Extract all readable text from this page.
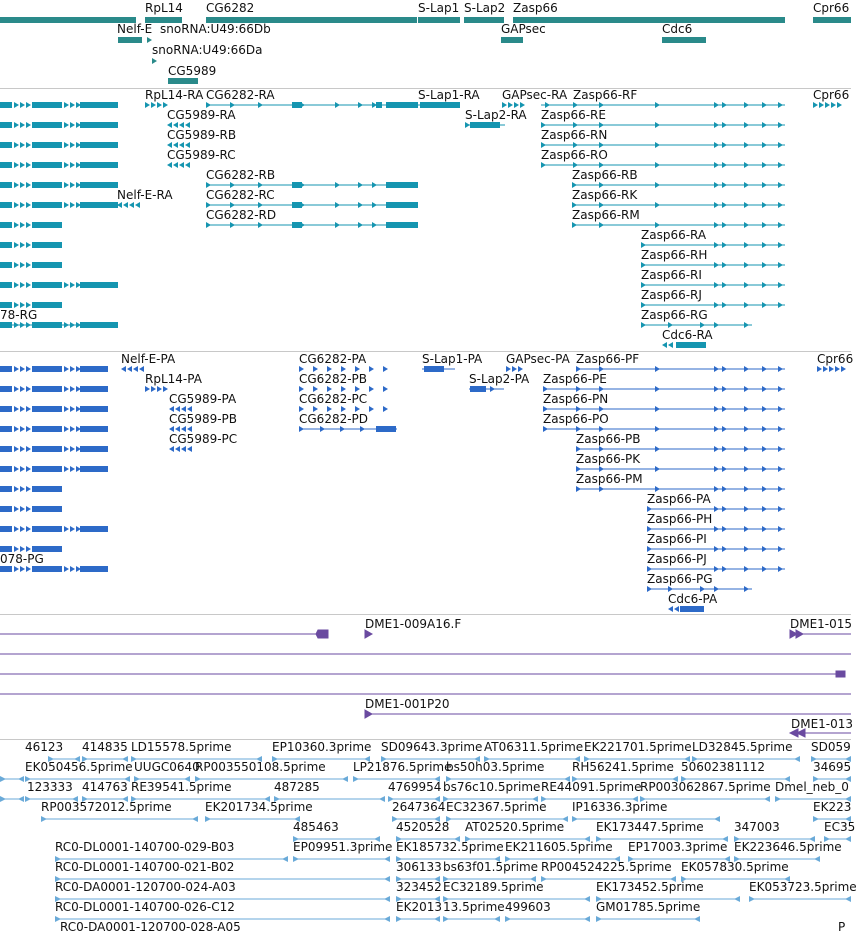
RpL14 CG6282	S-Lap1 S-Lap2 Zasp66	Cpr66
Nelf-E snoRNA:U49:66Db	GAPsec	Cdc6
snoRNA:U49:66Da
CG5989
RpL14-RA CG6282-RA	S-Lap1-RA GAPsec-RA Zasp66-RF	Cpr66
CG5989-RA	S-Lap2-RA Zasp66-RE
CG5989-RB	Zasp66-RN
CG5989-RC	Zasp66-RO
CG6282-RB	Zasp66-RB
Nelf-E-RA	CG6282-RC	Zasp66-RK
CG6282-RD	Zasp66-RM
Zasp66-RA
Zasp66-RH
Zasp66-RI
Zasp66-RJ
78-RG	Zasp66-RG
Cdc6-RA
Nelf-E-PA	CG6282-PA	S-Lap1-PA GAPsec-PA Zasp66-PF	Cpr66
RpL14-PA	CG6282-PB	S-Lap2-PA Zasp66-PE
CG5989-PA	CG6282-PC	Zasp66-PN
CG5989-PB	CG6282-PD	Zasp66-PO
CG5989-PC	Zasp66-PB
Zasp66-PK
Zasp66-PM
Zasp66-PA
Zasp66-PH
Zasp66-PI
Zasp66-PJ
078-PG
Zasp66-PG
Cdc6-PA
DME1-009A16.F	DME1-015
DME1-001P20
DME1-013
46123 414835 LD15578.5prime	EP10360.3prime SD09643.3prime AT06311.5prime EK221701.5prime LD32845.5prime SD059
EK050456.5prime UUGC0640
RP003550108.5prime LP21876.5prime
bs50h03.5prime RH56241.5prime 50602381112	34695
123333 414763 RE39541.5prime	487285	4769954 bs76c10.5prime RE44091.5prime
RP003062867.5prime Dmel_neb_0
RP003572012.5prime	EK201734.5prime	2647364 EC32367.5prime IP16336.3prime	EK223
485463	4520528 AT02520.5prime	EK173447.5prime	347003	EC35
RC0-DL0001-140700-029-B03	EP09951.3prime EK185732.5prime EK211605.5prime EP17003.3prime EK223646.5prime
RC0-DL0001-140700-021-B02	306133 bs63f01.5prime RP004524225.5prime EK057830.5prime
RC0-DA0001-120700-024-A03	323452 EC32189.5prime	EK173452.5prime	EK053723.5prime
RC0-DL0001-140700-026-C12	EK2013 13.5prime 499603	GM01785.5prime
RC0-DA0001-120700-028-A05	P
